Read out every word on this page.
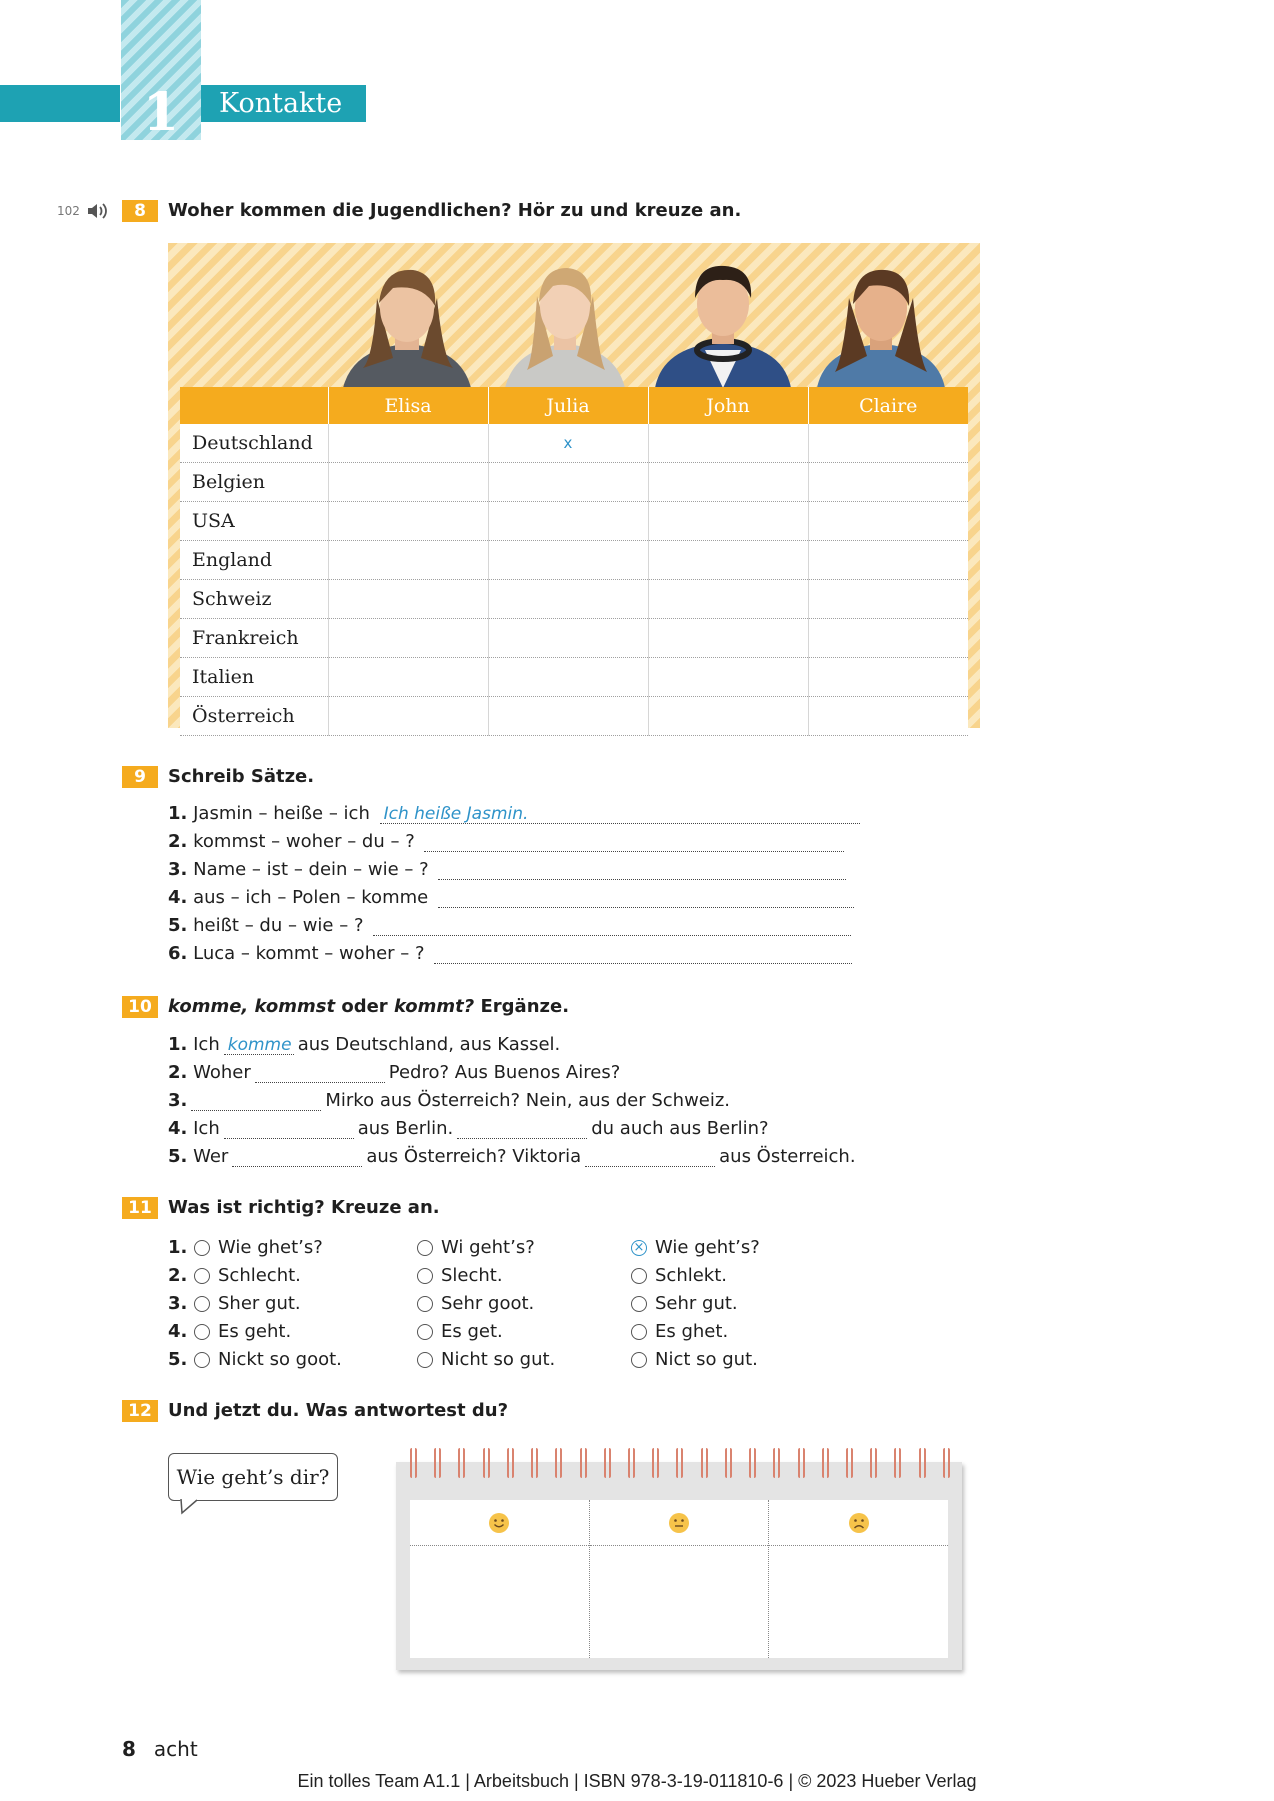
1	Kontakte
102	8	Woher kommen die Jugendlichen? Hör zu und kreuze an.
	Elisa	Julia	John	Claire
Deutschland		x		
Belgien				
USA				
England				
Schweiz				
Frankreich				
Italien				
Österreich				
9	Schreib Sätze.
1. Jasmin – heiße – ich Ich heiße Jasmin.
2. kommst – woher – du – ?
3. Name – ist – dein – wie – ?
4. aus – ich – Polen – komme
5. heißt – du – wie – ?
6. Luca – kommt – woher – ?
10 komme, kommst oder kommt? Ergänze.
1. Ich komme aus Deutschland, aus Kassel.
2. Woher	Pedro? Aus Buenos Aires?
3.	Mirko aus Österreich? Nein, aus der Schweiz.
4. Ich	aus Berlin.	du auch aus Berlin?
5. Wer	aus Österreich? Viktoria	aus Österreich.
11 Was ist richtig? Kreuze an.
1. Wie ghet’s?	Wi geht’s?	× Wie geht’s?
2. Schlecht.	Slecht.	Schlekt.
3. Sher gut.	Sehr goot.	Sehr gut.
4. Es geht.	Es get.	Es ghet.
5. Nickt so goot.	Nicht so gut.	Nict so gut.
12 Und jetzt du. Was antwortest du?
Wie geht’s dir?
8 acht
Ein tolles Team A1.1 | Arbeitsbuch | ISBN 978-3-19-011810-6 | © 2023 Hueber Verlag
